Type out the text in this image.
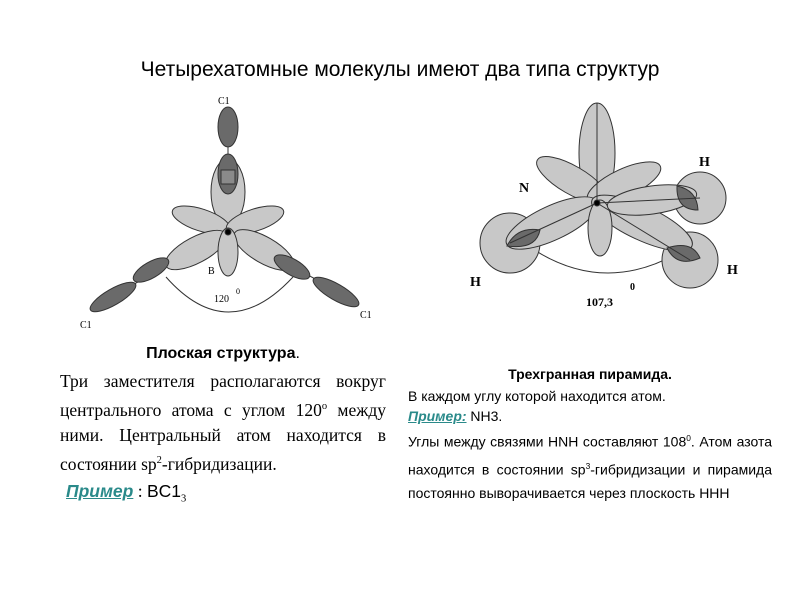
Четырехатомные молекулы имеют два типа структур
C1
C1
C1
B
120
0
N
H
H
H
107,3
0
Плоская структура.
Три заместителя располагаются вокруг центрального атома с углом $120^о$ между ними. Центральный атом находится в состоянии $sp^2$-гибридизации.
Пример : $BC1_3$
Трехгранная пирамида.
В каждом углу которой находится атом.
Пример: NH3.
Углы между связями HNH составляют $108^0$. Атом азота находится в состоянии $sp^3$-гибридизации и пирамида постоянно выворачивается через плоскость HHH
